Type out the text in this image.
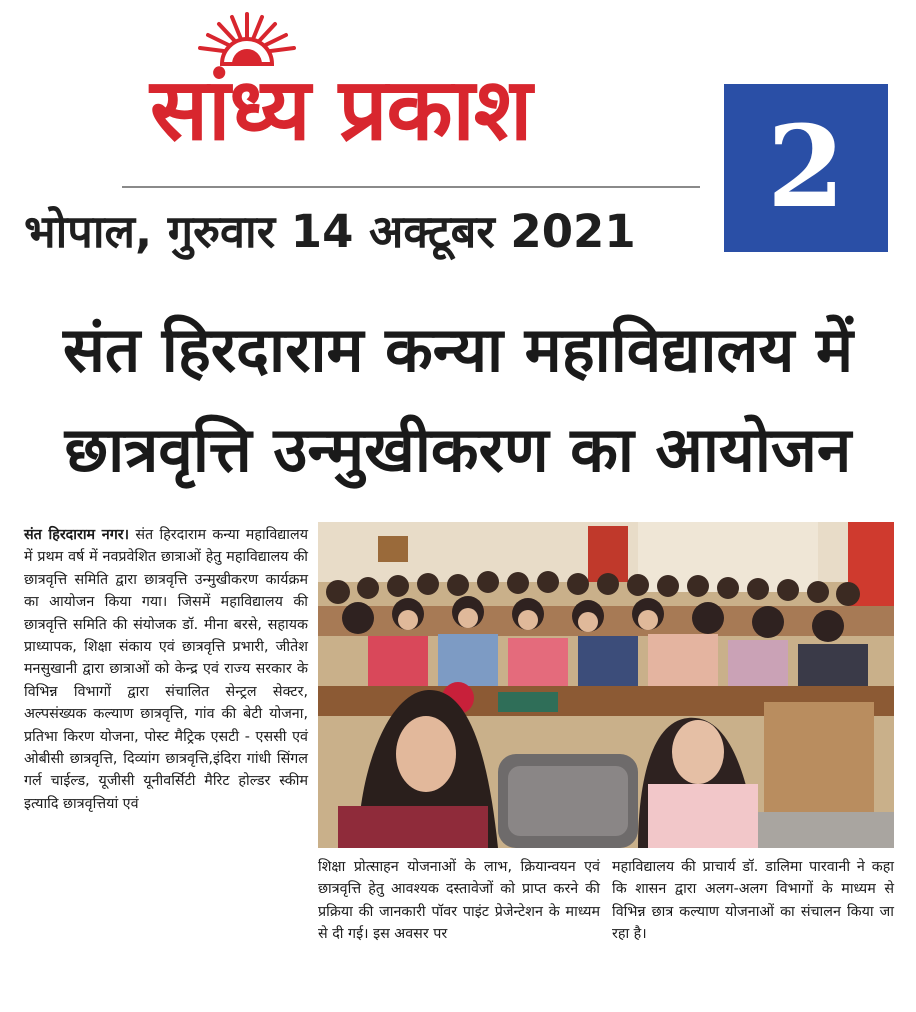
सांध्य प्रकाश
भोपाल, गुरुवार 14 अक्टूबर 2021	2
संत हिरदाराम कन्या महाविद्यालय में
छात्रवृत्ति उन्मुखीकरण का आयोजन
संत हिरदाराम नगर। संत हिरदाराम कन्या महाविद्यालय में प्रथम वर्ष में नवप्रवेशित छात्राओं हेतु महाविद्यालय की छात्रवृत्ति समिति द्वारा छात्रवृत्ति उन्मुखीकरण कार्यक्रम का आयोजन किया गया। जिसमें महाविद्यालय की छात्रवृत्ति समिति की संयोजक डॉ. मीना बरसे, सहायक प्राध्यापक, शिक्षा संकाय एवं छात्रवृत्ति प्रभारी, जीतेश मनसुखानी द्वारा छात्राओं को केन्द्र एवं राज्य सरकार के विभिन्न विभागों द्वारा संचालित सेन्ट्रल सेक्टर, अल्पसंख्यक कल्याण छात्रवृत्ति, गांव की बेटी योजना, प्रतिभा किरण योजना, पोस्ट मैट्रिक एसटी - एससी एवं ओबीसी छात्रवृत्ति, दिव्यांग छात्रवृत्ति,इंदिरा गांधी सिंगल गर्ल चाईल्ड, यूजीसी यूनीवर्सिटी मैरिट होल्डर स्कीम इत्यादि छात्रवृत्तियां एवं
शिक्षा प्रोत्साहन योजनाओं के लाभ, क्रियान्वयन एवं छात्रवृत्ति हेतु आवश्यक दस्तावेजों को प्राप्त करने की प्रक्रिया की जानकारी पॉवर पाइंट प्रेजेन्टेशन के माध्यम से दी गई। इस अवसर पर
महाविद्यालय की प्राचार्य डॉ. डालिमा पारवानी ने कहा कि शासन द्वारा अलग-अलग विभागों के माध्यम से विभिन्न छात्र कल्याण योजनाओं का संचालन किया जा रहा है।
